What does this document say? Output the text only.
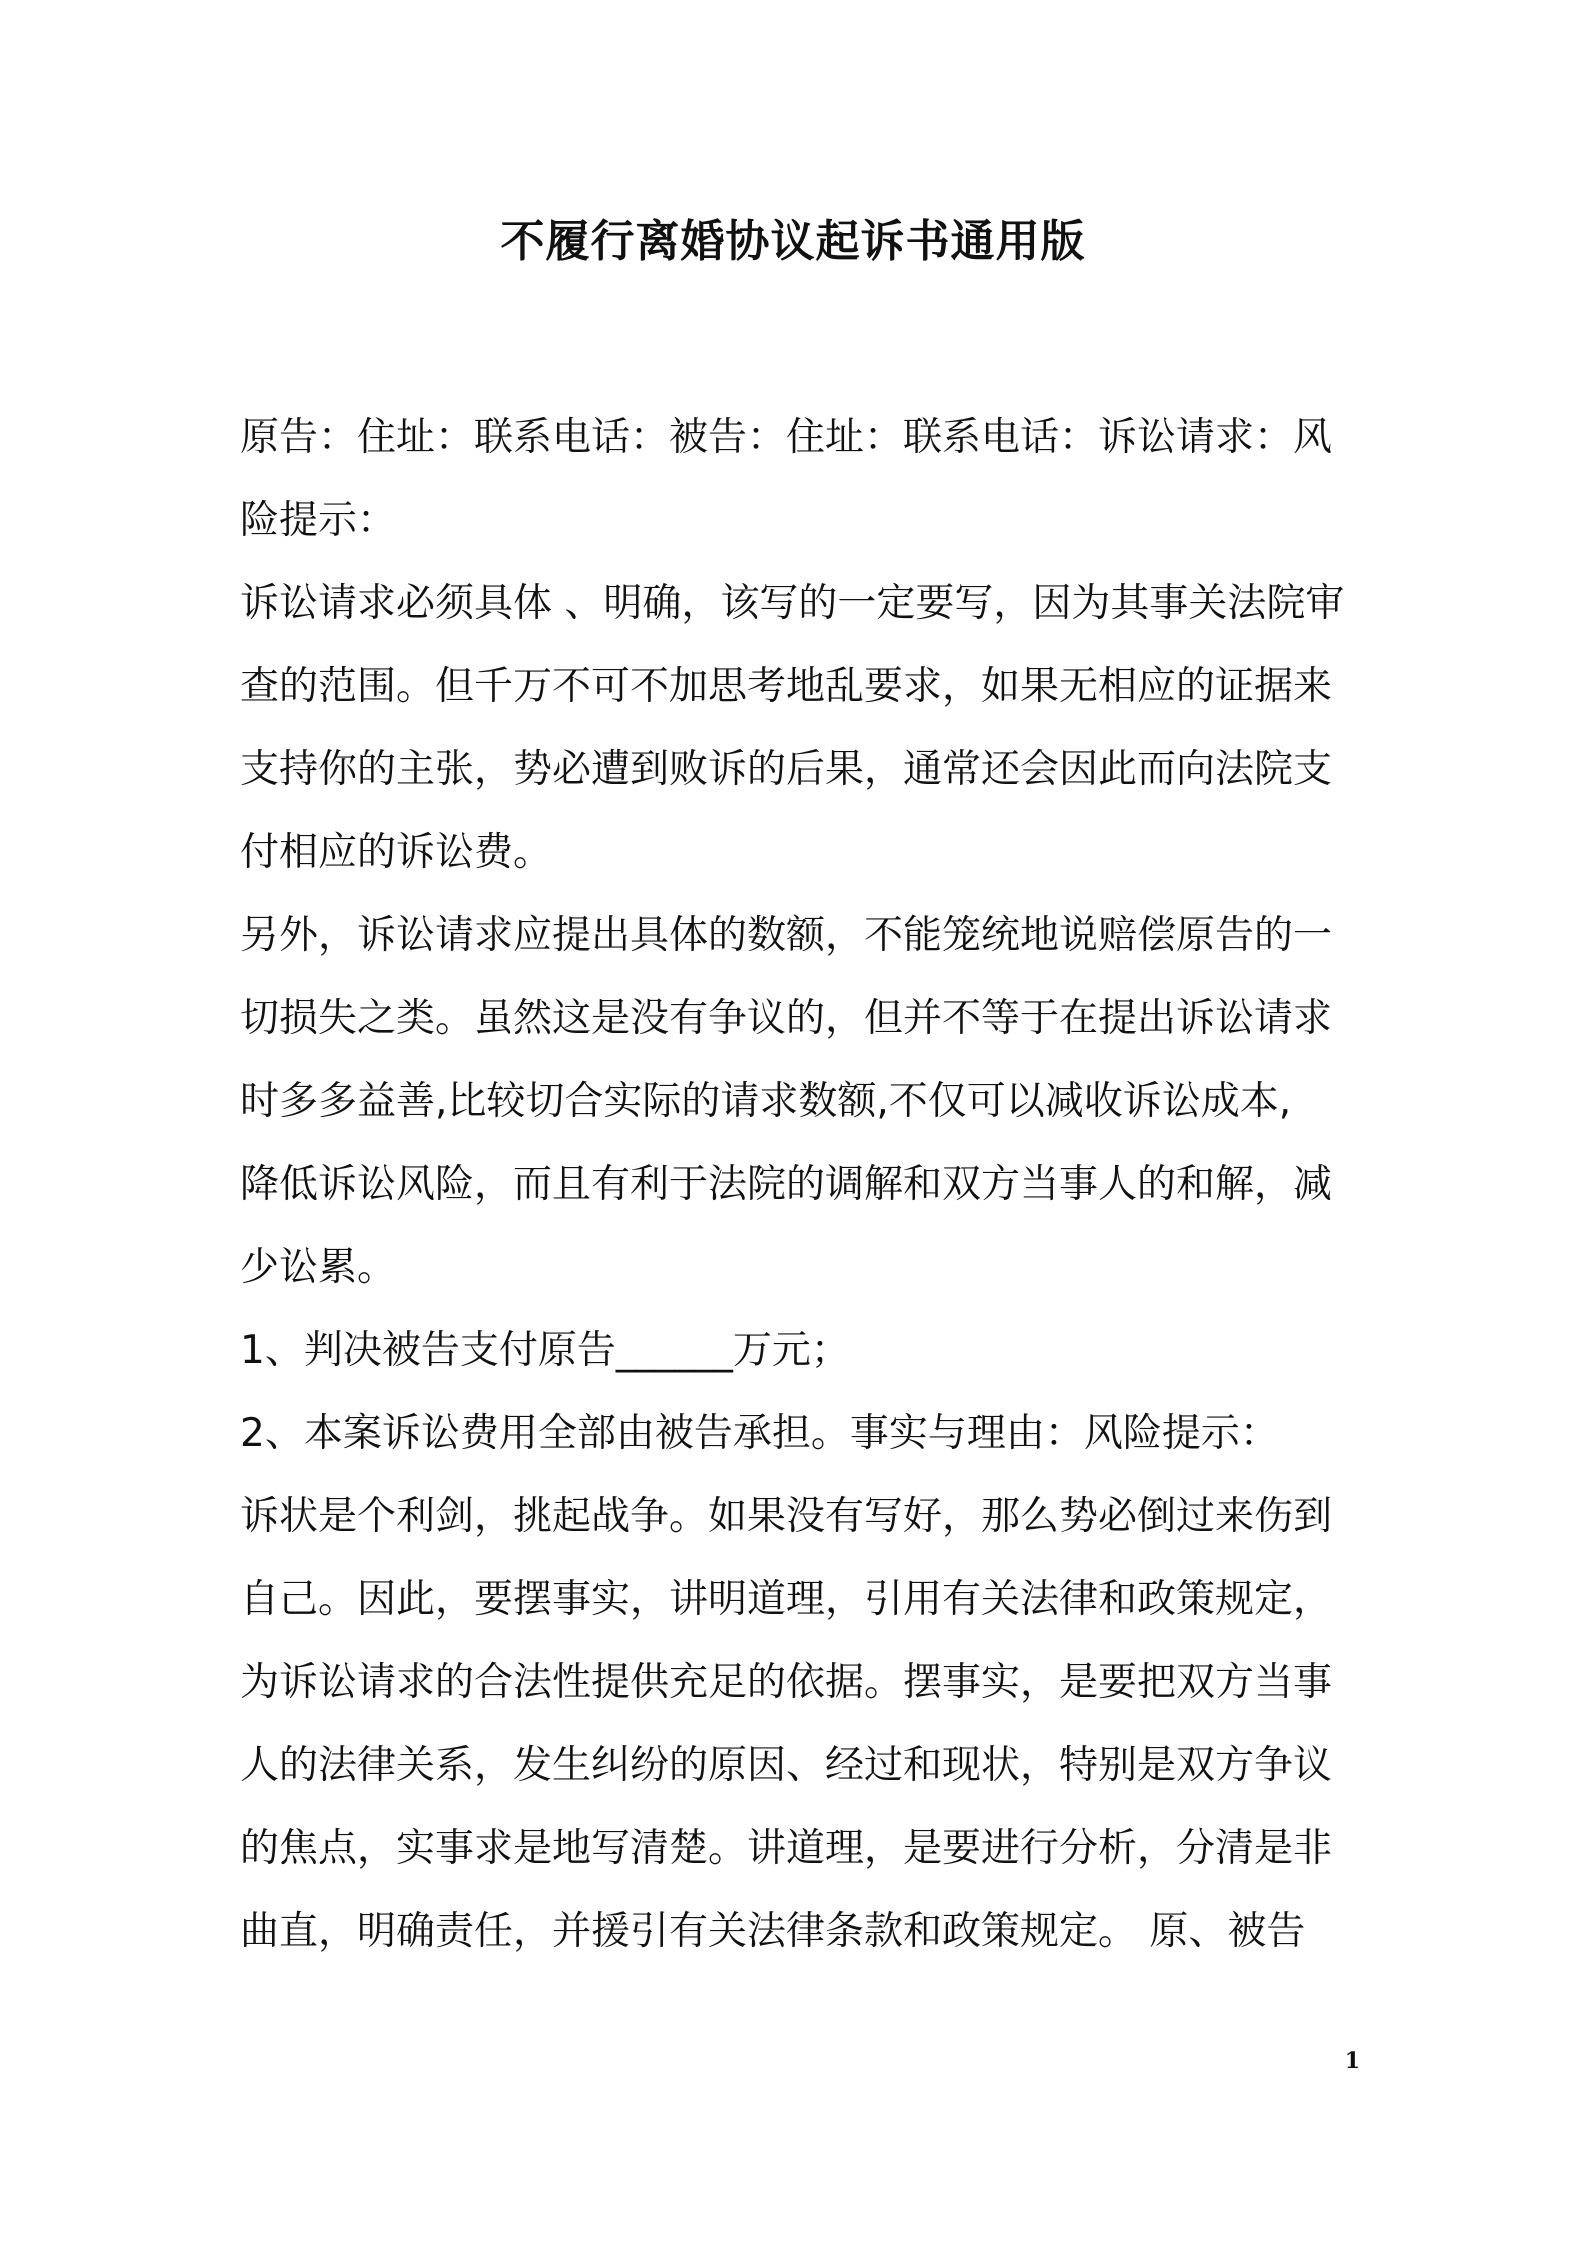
不履行离婚协议起诉书通用版
原告：住址：联系电话：被告：住址：联系电话：诉讼请求：风
险提示：
诉讼请求必须具体 、明确，该写的一定要写，因为其事关法院审
查的范围。但千万不可不加思考地乱要求，如果无相应的证据来
支持你的主张，势必遭到败诉的后果，通常还会因此而向法院支
付相应的诉讼费。
另外，诉讼请求应提出具体的数额，不能笼统地说赔偿原告的一
切损失之类。虽然这是没有争议的，但并不等于在提出诉讼请求
时多多益善,比较切合实际的请求数额,不仅可以减收诉讼成本,
降低诉讼风险，而且有利于法院的调解和双方当事人的和解，减
少讼累。
1、判决被告支付原告______万元；
2、本案诉讼费用全部由被告承担。事实与理由：风险提示：
诉状是个利剑，挑起战争。如果没有写好，那么势必倒过来伤到
自己。因此，要摆事实，讲明道理，引用有关法律和政策规定，
为诉讼请求的合法性提供充足的依据。摆事实，是要把双方当事
人的法律关系，发生纠纷的原因、经过和现状，特别是双方争议
的焦点，实事求是地写清楚。讲道理，是要进行分析，分清是非
曲直，明确责任，并援引有关法律条款和政策规定。 原、被告
1
